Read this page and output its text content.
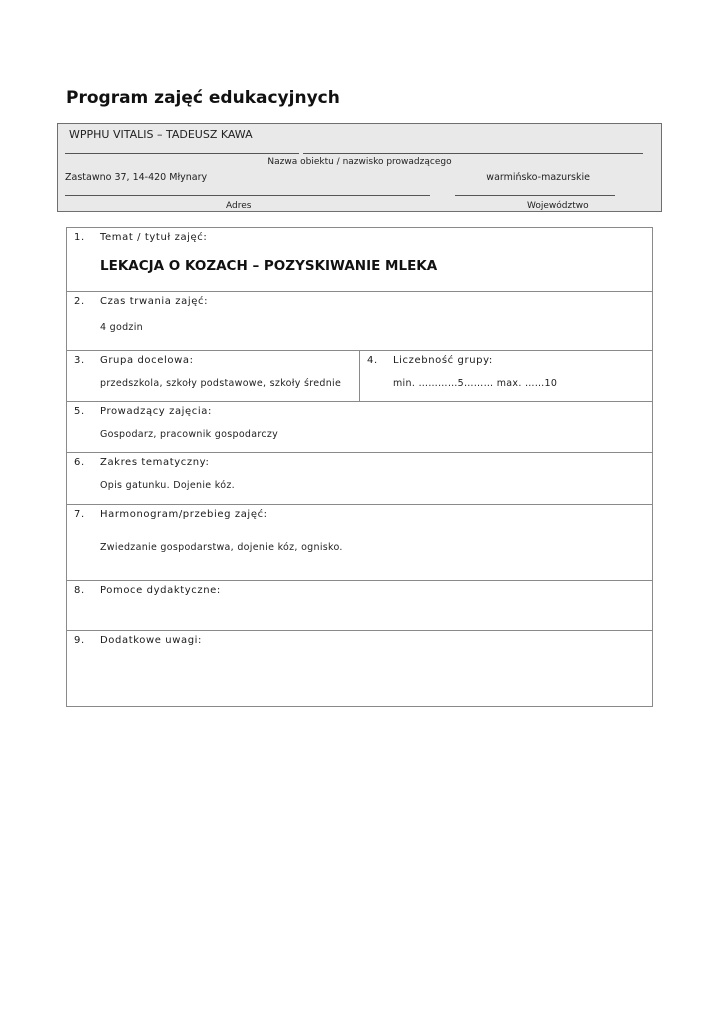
Program zajęć edukacyjnych
WPPHU VITALIS – TADEUSZ KAWA
Nazwa obiektu / nazwisko prowadzącego
Zastawno 37, 14-420 Młynary	warmińsko-mazurskie
Adres	Województwo
1. Temat / tytuł zajęć:
LEKACJA O KOZACH – POZYSKIWANIE MLEKA
2. Czas trwania zajęć:
4 godzin
3. Grupa docelowa:
przedszkola, szkoły podstawowe, szkoły średnie
4. Liczebność grupy:
min. …………5……… max. ……10
5. Prowadzący zajęcia:
Gospodarz, pracownik gospodarczy
6. Zakres tematyczny:
Opis gatunku. Dojenie kóz.
7. Harmonogram/przebieg zajęć:
Zwiedzanie gospodarstwa, dojenie kóz, ognisko.
8. Pomoce dydaktyczne:
9. Dodatkowe uwagi:
